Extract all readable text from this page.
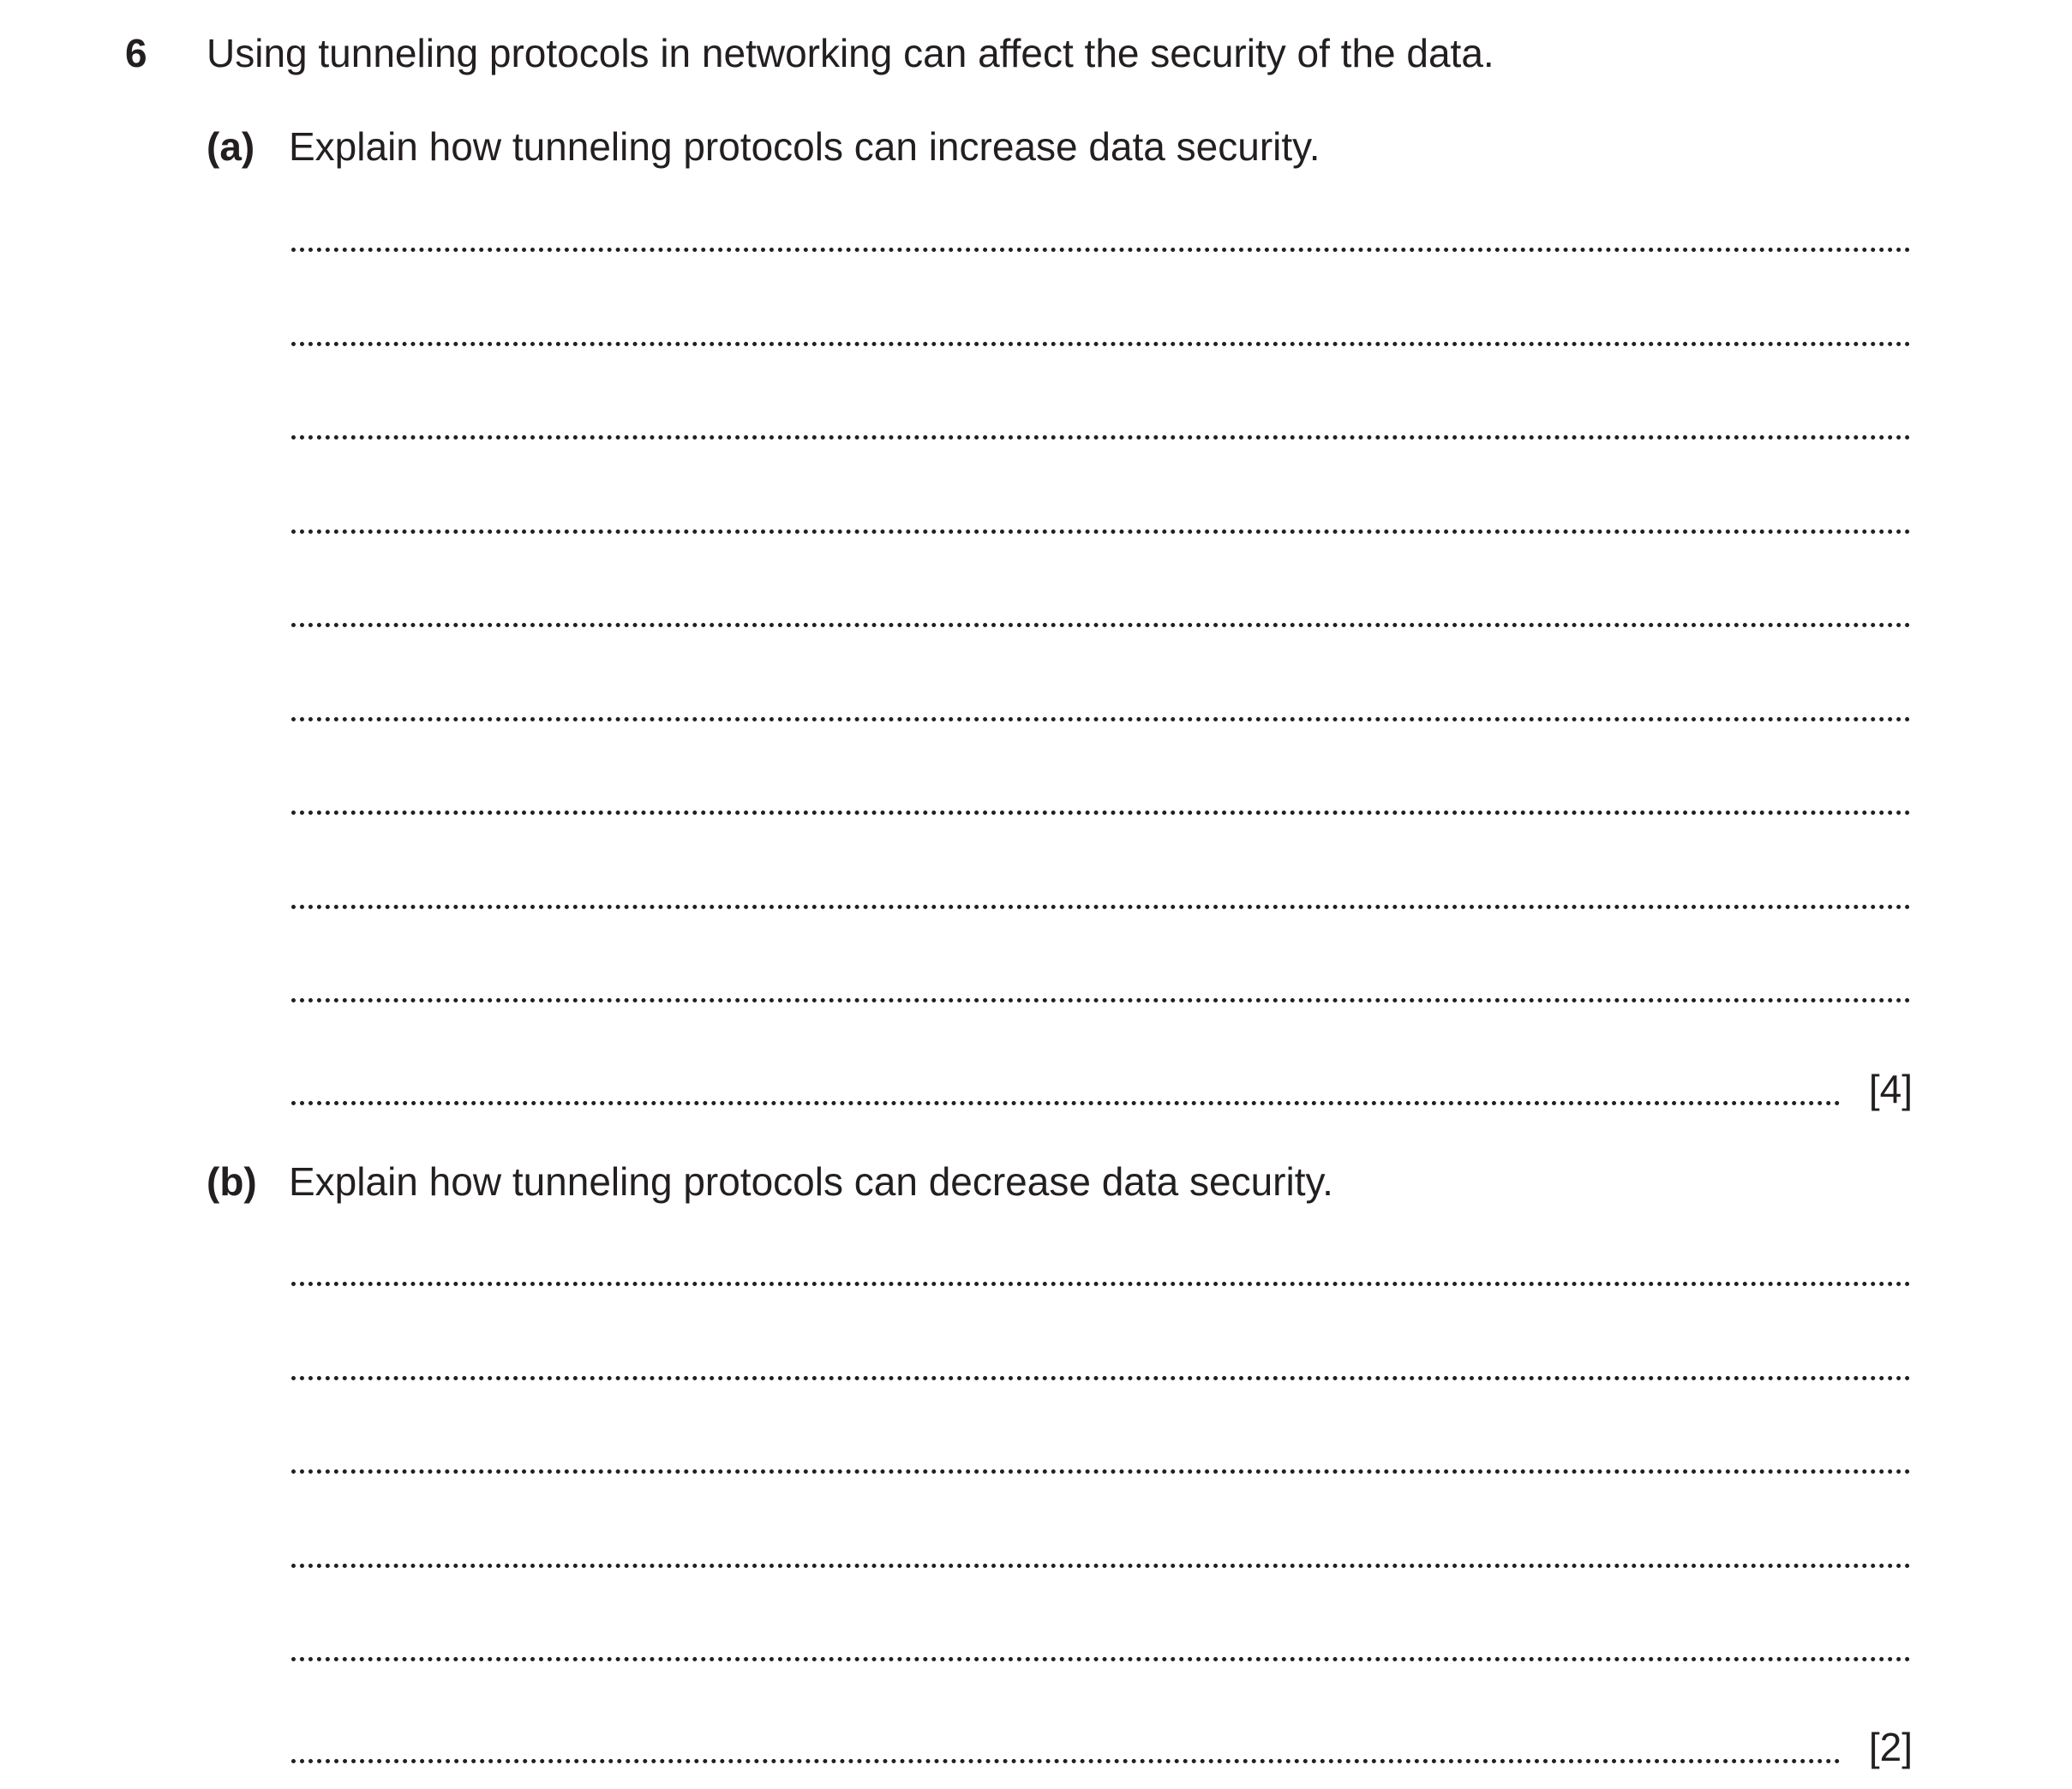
6 Using tunneling protocols in networking can affect the security of the data.
(a) Explain how tunneling protocols can increase data security.
[4]
(b) Explain how tunneling protocols can decrease data security.
[2]
